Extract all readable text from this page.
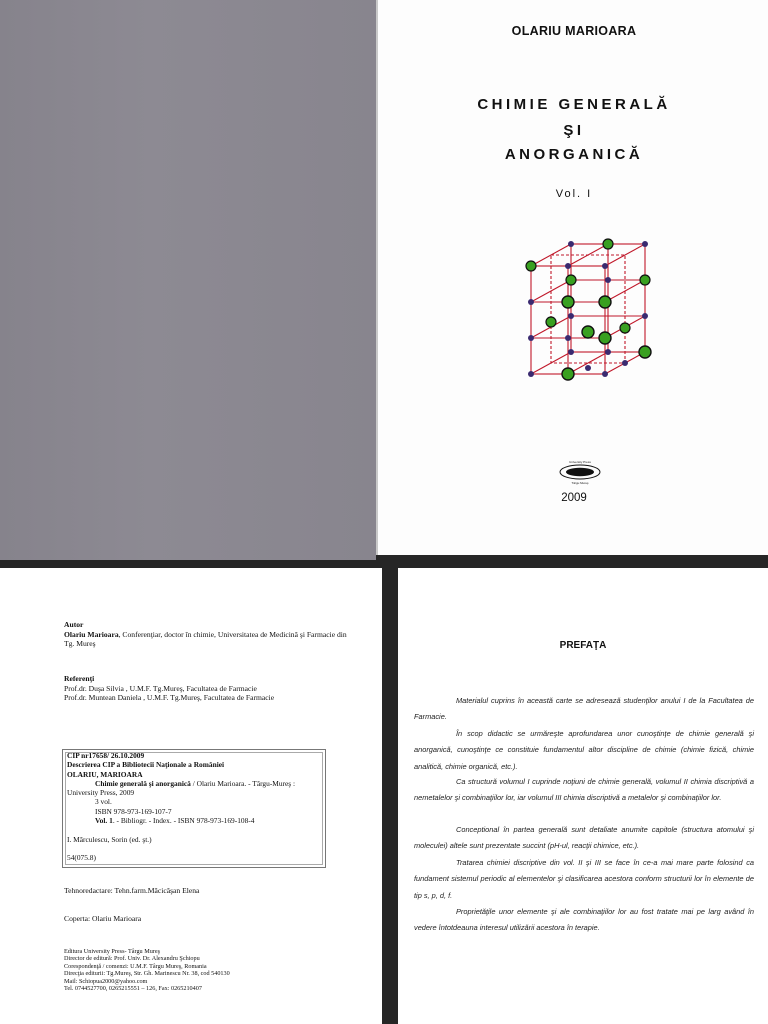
OLARIU MARIOARA
CHIMIE GENERALĂ
ŞI
ANORGANICĂ
Vol. I
University Press
Târgu Mureş
2009

Autor
Olariu Marioara, Conferenţiar, doctor în chimie, Universitatea de Medicină şi Farmacie din
Tg. Mureş

Referenţi
Prof.dr. Duşa Silvia , U.M.F. Tg.Mureş, Facultatea de Farmacie
Prof.dr. Muntean Daniela , U.M.F. Tg.Mureş, Facultatea de Farmacie

CIP nr17658/ 26.10.2009
Descrierea CIP a Bibliotecii Naţionale a României
OLARIU, MARIOARA
Chimie generală şi anorganică / Olariu Marioara. - Târgu-Mureş :
University Press, 2009
3 vol.
ISBN 978-973-169-107-7
Vol. 1. - Bibliogr. - Index. - ISBN 978-973-169-108-4

I. Mărculescu, Sorin (ed. şt.)

54(075.8)

Tehnoredactare: Tehn.farm.Măcicăşan Elena

Coperta: Olariu Marioara

Editura University Press- Târgu Mureş
Director de editură: Prof. Univ. Dr. Alexandru Şchiopu
Corespondenţă / comenzi: U.M.F. Târgu Mureş, Romania
Direcţia editurii: Tg.Mureş, Str. Gh. Marinescu Nr. 38, cod 540130
Mail: Schiopua2000@yahoo.com
Tel. 0744527700, 0265215551 – 126, Fax: 0265210407

PREFAŢA

Materialul cuprins în această carte se adresează studenţilor anului I de la Facultatea de Farmacie.

În scop didactic se urmăreşte aprofundarea unor cunoştinţe de chimie generală şi anorganică, cunoştinţe ce constituie fundamentul altor discipline de chimie (chimie fizică, chimie analitică, chimie organică, etc.).

Ca structură volumul I cuprinde noţiuni de chimie generală, volumul II chimia discriptivă a nemetalelor şi combinaţiilor lor, iar volumul III chimia discriptivă a metalelor şi combinaţiilor lor.

Conceptional în partea generală sunt detaliate anumite capitole (structura atomului şi moleculei) altele sunt prezentate succint (pH-ul, reacţii chimice, etc.).

Tratarea chimiei discriptive din vol. II şi III se face în ce-a mai mare parte folosind ca fundament sistemul periodic al elementelor şi clasificarea acestora conform structurii lor în elemente de tip s, p, d, f.

Proprietăţile unor elemente şi ale combinaţiilor lor au fost tratate mai pe larg având în vedere întotdeauna interesul utilizării acestora în terapie.
